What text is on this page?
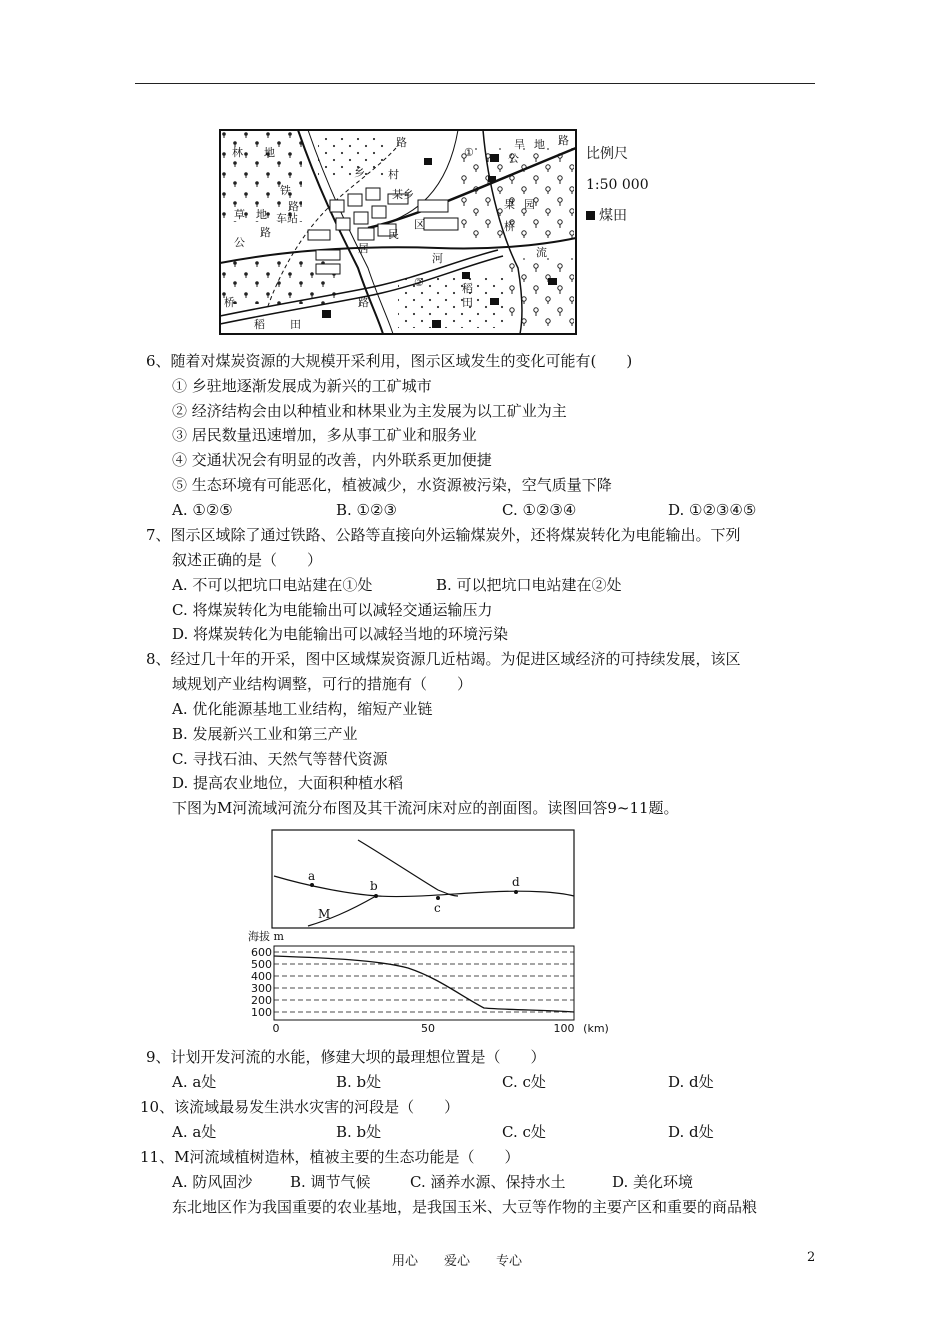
林 地
路
村
乡
某乡
铁
路
草 地 车站
路
公	居
民
区
旱 地 路
①	公
果 园
桥
流
河
稻
田
②
路
桥
稻 田
比例尺
1:50 000
煤田
6、随着对煤炭资源的大规模开采利用，图示区域发生的变化可能有(　　)
① 乡驻地逐渐发展成为新兴的工矿城市
② 经济结构会由以种植业和林果业为主发展为以工矿业为主
③ 居民数量迅速增加，多从事工矿业和服务业
④ 交通状况会有明显的改善，内外联系更加便捷
⑤ 生态环境有可能恶化，植被减少，水资源被污染，空气质量下降
A. ①②⑤	B. ①②③	C. ①②③④	D. ①②③④⑤
7、图示区域除了通过铁路、公路等直接向外运输煤炭外，还将煤炭转化为电能输出。下列
叙述正确的是（　　）
A. 不可以把坑口电站建在①处	B. 可以把坑口电站建在②处
C. 将煤炭转化为电能输出可以减轻交通运输压力
D. 将煤炭转化为电能输出可以减轻当地的环境污染
8、经过几十年的开采，图中区域煤炭资源几近枯竭。为促进区域经济的可持续发展，该区
域规划产业结构调整，可行的措施有（　　）
A. 优化能源基地工业结构，缩短产业链
B. 发展新兴工业和第三产业
C. 寻找石油、天然气等替代资源
D. 提高农业地位，大面积种植水稻
下图为M河流域河流分布图及其干流河床对应的剖面图。读图回答9~11题。
a
b
c
d
M
海拔 m
600
500
400
300
200
100
0	50	100 (km)
9、计划开发河流的水能，修建大坝的最理想位置是（　　）
A. a处	B. b处	C. c处	D. d处
10、该流域最易发生洪水灾害的河段是（　　）
A. a处	B. b处	C. c处	D. d处
11、M河流域植树造林，植被主要的生态功能是（　　）
A. 防风固沙	B. 调节气候	C. 涵养水源、保持水土	D. 美化环境
东北地区作为我国重要的农业基地，是我国玉米、大豆等作物的主要产区和重要的商品粮
用心　　爱心　　专心	2
